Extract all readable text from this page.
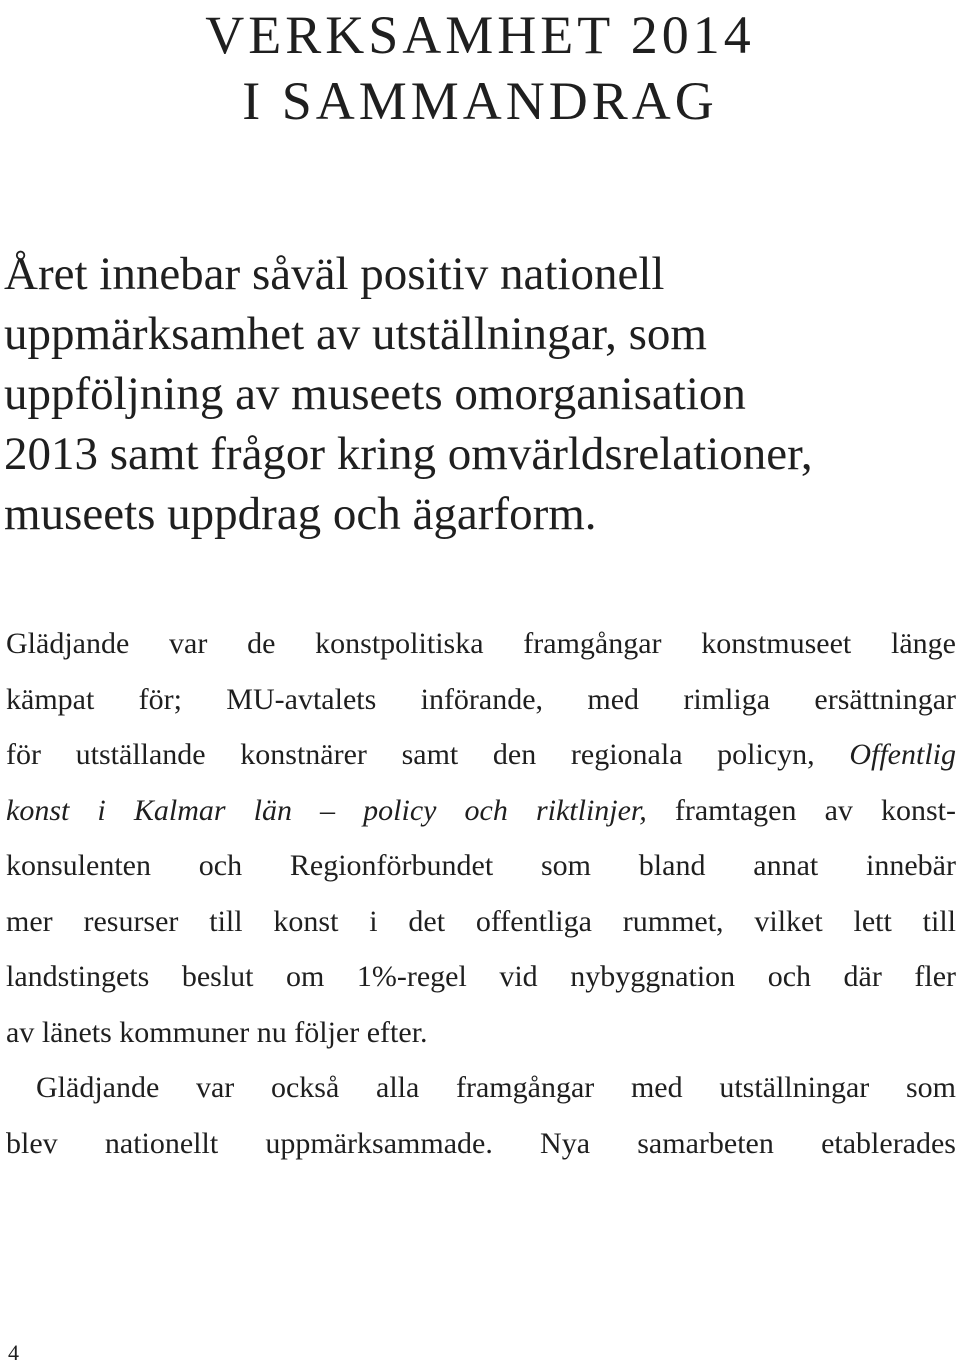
VERKSAMHET 2014
I SAMMANDRAG

Året innebar såväl positiv nationell
uppmärksamhet av utställningar, som
uppföljning av museets omorganisation
2013 samt frågor kring omvärldsrelationer,
museets uppdrag och ägarform.

Glädjande var de konstpolitiska framgångar konstmuseet länge
kämpat för; MU-avtalets införande, med rimliga ersättningar
för utställande konstnärer samt den regionala policyn, Offentlig
konst i Kalmar län – policy och riktlinjer, framtagen av konst-
konsulenten och Regionförbundet som bland annat innebär
mer resurser till konst i det offentliga rummet, vilket lett till
landstingets beslut om 1%-regel vid nybyggnation och där fler
av länets kommuner nu följer efter.
Glädjande var också alla framgångar med utställningar som
blev nationellt uppmärksammade. Nya samarbeten etablerades
4
